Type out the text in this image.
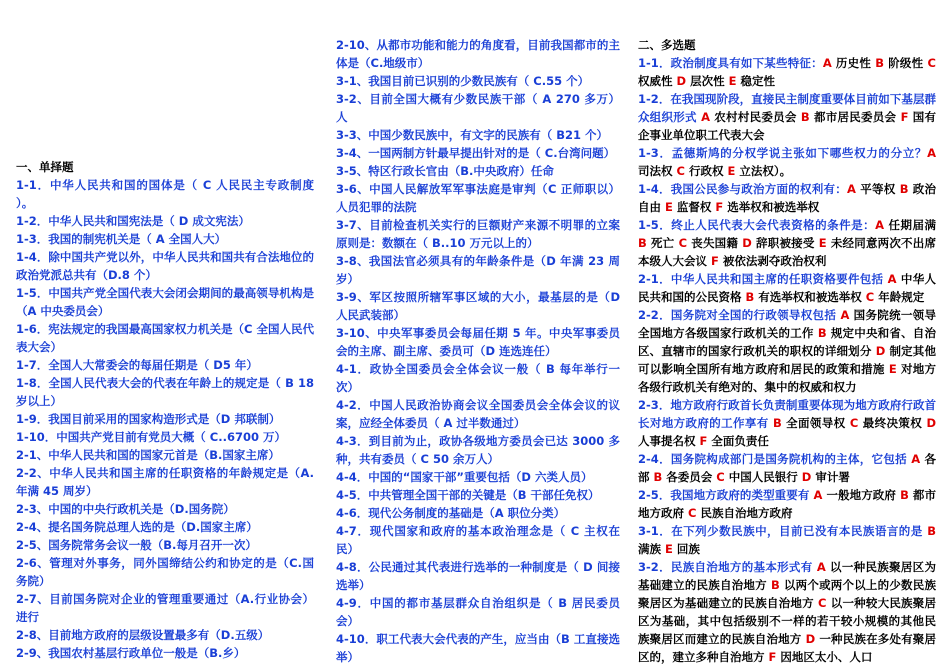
一、单择题

1-1．中华人民共和国的国体是（ C 人民民主专政制度 ）。

1-2．中华人民共和国宪法是（ D 成文宪法）

1-3．我国的制宪机关是（ A 全国人大）

1-4．除中国共产党以外，中华人民共和国共有合法地位的政治党派总共有（D.8 个）

1-5．中国共产党全国代表大会闭会期间的最高领导机构是（A 中央委员会）

1-6．宪法规定的我国最高国家权力机关是（C 全国人民代表大会）

1-7．全国人大常委会的每届任期是（ D5 年）

1-8．全国人民代表大会的代表在年龄上的规定是（ B 18 岁以上）

1-9．我国目前采用的国家构造形式是（D 邦联制）

1-10．中国共产党目前有党员大概（ C..6700 万）

2-1、中华人民共和国的国家元首是（B.国家主席）

2-2、中华人民共和国主席的任职资格的年龄规定是（A.年满 45 周岁）

2-3、中国的中央行政机关是（D.国务院）

2-4、提名国务院总理人选的是（D.国家主席）

2-5、国务院常务会议一般（B.每月召开一次）

2-6、管理对外事务，同外国缔结公约和协定的是（C.国务院）

2-7、目前国务院对企业的管理重要通过（A.行业协会）进行

2-8、目前地方政府的层级设置最多有（D.五级）

2-9、我国农村基层行政单位一般是（B.乡）

2-10、从都市功能和能力的角度看，目前我国都市的主体是（C.地级市）

3-1、我国目前已识别的少数民族有（ C.55 个）

3-2、目前全国大概有少数民族干部（ A 270 多万）人

3-3、中国少数民族中，有文字的民族有（ B21 个）

3-4、一国两制方针最早提出针对的是（ C.台湾问题）

3-5、特区行政长官由（B.中央政府）任命

3-6、中国人民解放军军事法庭是审判（C 正师职以）人员犯罪的法院

3-7、目前检查机关实行的巨额财产来源不明罪的立案原则是：数额在（ B..10 万元以上的）

3-8、我国法官必须具有的年龄条件是（D 年满 23 周岁）

3-9、军区按照所辖军事区域的大小，最基层的是（D 人民武装部）

3-10、中央军事委员会每届任期 5 年。中央军事委员会的主席、副主席、委员可（D 连选连任）

4-1．政协全国委员会全体会议一般（ B 每年举行一次）

4-2．中国人民政治协商会议全国委员会全体会议的议案，应经全体委员（ A 过半数通过）

4-3．到目前为止，政协各级地方委员会已达 3000 多种，共有委员（ C 50 余万人）

4-4．中国的“国家干部”重要包括（D 六类人员）

4-5．中共管理全国干部的关键是（B 干部任免权）

4-6．现代公务制度的基础是（A 职位分类）

4-7．现代国家和政府的基本政治理念是（ C 主权在民）

4-8．公民通过其代表进行选举的一种制度是（ D 间接选举）

4-9．中国的都市基层群众自治组织是（ B 居民委员会）

4-10．职工代表大会代表的产生，应当由（B 工直接选举）

二、多选题

1-1．政治制度具有如下某些特征：A 历史性 B 阶级性 C 权威性 D 层次性 E 稳定性

1-2．在我国现阶段，直接民主制度重要体目前如下基层群众组织形式 A 农村村民委员会 B 都市居民委员会 F 国有企事业单位职工代表大会

1-3．孟德斯鸠的分权学说主张如下哪些权力的分立？A 司法权 C 行政权 E 立法权）。

1-4．我国公民参与政治方面的权利有：A 平等权 B 政治自由 E 监督权 F 选举权和被选举权

1-5．终止人民代表大会代表资格的条件是：A 任期届满 B 死亡 C 丧失国籍 D 辞职被接受 E 未经同意两次不出席本级人大会议 F 被依法剥夺政治权利

2-1．中华人民共和国主席的任职资格要件包括 A 中华人民共和国的公民资格 B 有选举权和被选举权 C 年龄规定

2-2．国务院对全国的行政领导权包括 A 国务院统一领导全国地方各级国家行政机关的工作 B 规定中央和省、自治区、直辖市的国家行政机关的职权的详细划分 D 制定其他可以影响全国所有地方政府和居民的政策和措施 E 对地方各级行政机关有绝对的、集中的权威和权力

2-3．地方政府行政首长负责制重要体现为地方政府行政首长对地方政府的工作享有 B 全面领导权 C 最终决策权 D 人事提名权 F 全面负责任

2-4．国务院构成部门是国务院机构的主体，它包括 A 各部 B 各委员会 C 中国人民银行 D 审计署

2-5．我国地方政府的类型重要有 A 一般地方政府 B 都市地方政府 C 民族自治地方政府

3-1．在下列少数民族中，目前已没有本民族语言的是 B 满族 E 回族

3-2．民族自治地方的基本形式有 A 以一种民族聚居区为基础建立的民族自治地方 B 以两个或两个以上的少数民族聚居区为基础建立的民族自治地方 C 以一种较大民族聚居区为基础，其中包括级别不一样的若干较小规模的其他民族聚居区而建立的民族自治地方 D 一种民族在多处有聚居区的，建立多种自治地方 F 因地区太小、人口
